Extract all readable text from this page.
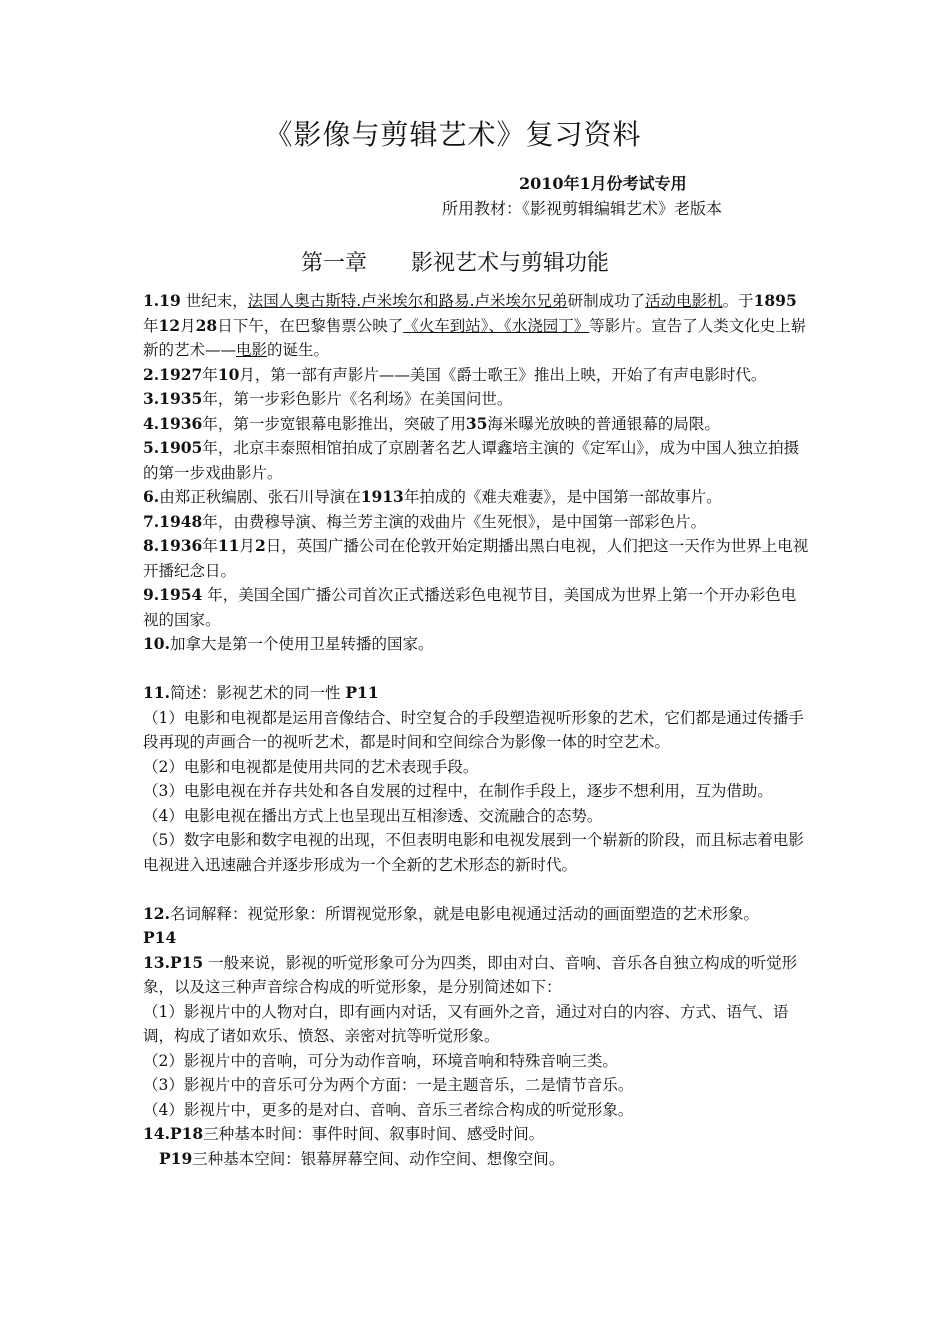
《影像与剪辑艺术》复习资料
2010年1月份考试专用
所用教材：《影视剪辑编辑艺术》老版本
第一章 影视艺术与剪辑功能

1.19 世纪末，法国人奥古斯特.卢米埃尔和路易.卢米埃尔兄弟研制成功了活动电影机。于1895年12月28日下午，在巴黎售票公映了《火车到站》、《水浇园丁》等影片。宣告了人类文化史上崭新的艺术——电影的诞生。

2.1927年10月，第一部有声影片——美国《爵士歌王》推出上映，开始了有声电影时代。

3.1935年，第一步彩色影片《名利场》在美国问世。

4.1936年，第一步宽银幕电影推出，突破了用35海米曝光放映的普通银幕的局限。

5.1905年，北京丰泰照相馆拍成了京剧著名艺人谭鑫培主演的《定军山》，成为中国人独立拍摄的第一步戏曲影片。

6.由郑正秋编剧、张石川导演在1913年拍成的《难夫难妻》，是中国第一部故事片。

7.1948年，由费穆导演、梅兰芳主演的戏曲片《生死恨》，是中国第一部彩色片。

8.1936年11月2日，英国广播公司在伦敦开始定期播出黑白电视，人们把这一天作为世界上电视开播纪念日。

9.1954 年，美国全国广播公司首次正式播送彩色电视节目，美国成为世界上第一个开办彩色电视的国家。

10.加拿大是第一个使用卫星转播的国家。

11.简述：影视艺术的同一性 P11

（1）电影和电视都是运用音像结合、时空复合的手段塑造视听形象的艺术，它们都是通过传播手段再现的声画合一的视听艺术，都是时间和空间综合为影像一体的时空艺术。

（2）电影和电视都是使用共同的艺术表现手段。

（3）电影电视在并存共处和各自发展的过程中，在制作手段上，逐步不想利用，互为借助。

（4）电影电视在播出方式上也呈现出互相渗透、交流融合的态势。

（5）数字电影和数字电视的出现，不但表明电影和电视发展到一个崭新的阶段，而且标志着电影电视进入迅速融合并逐步形成为一个全新的艺术形态的新时代。

12.名词解释：视觉形象：所谓视觉形象，就是电影电视通过活动的画面塑造的艺术形象。
P14

13.P15 一般来说，影视的听觉形象可分为四类，即由对白、音响、音乐各自独立构成的听觉形象，以及这三种声音综合构成的听觉形象，是分别简述如下：

（1）影视片中的人物对白，即有画内对话，又有画外之音，通过对白的内容、方式、语气、语调，构成了诸如欢乐、愤怒、亲密对抗等听觉形象。

（2）影视片中的音响，可分为动作音响，环境音响和特殊音响三类。

（3）影视片中的音乐可分为两个方面：一是主题音乐，二是情节音乐。

（4）影视片中，更多的是对白、音响、音乐三者综合构成的听觉形象。

14.P18三种基本时间：事件时间、叙事时间、感受时间。

P19三种基本空间：银幕屏幕空间、动作空间、想像空间。
